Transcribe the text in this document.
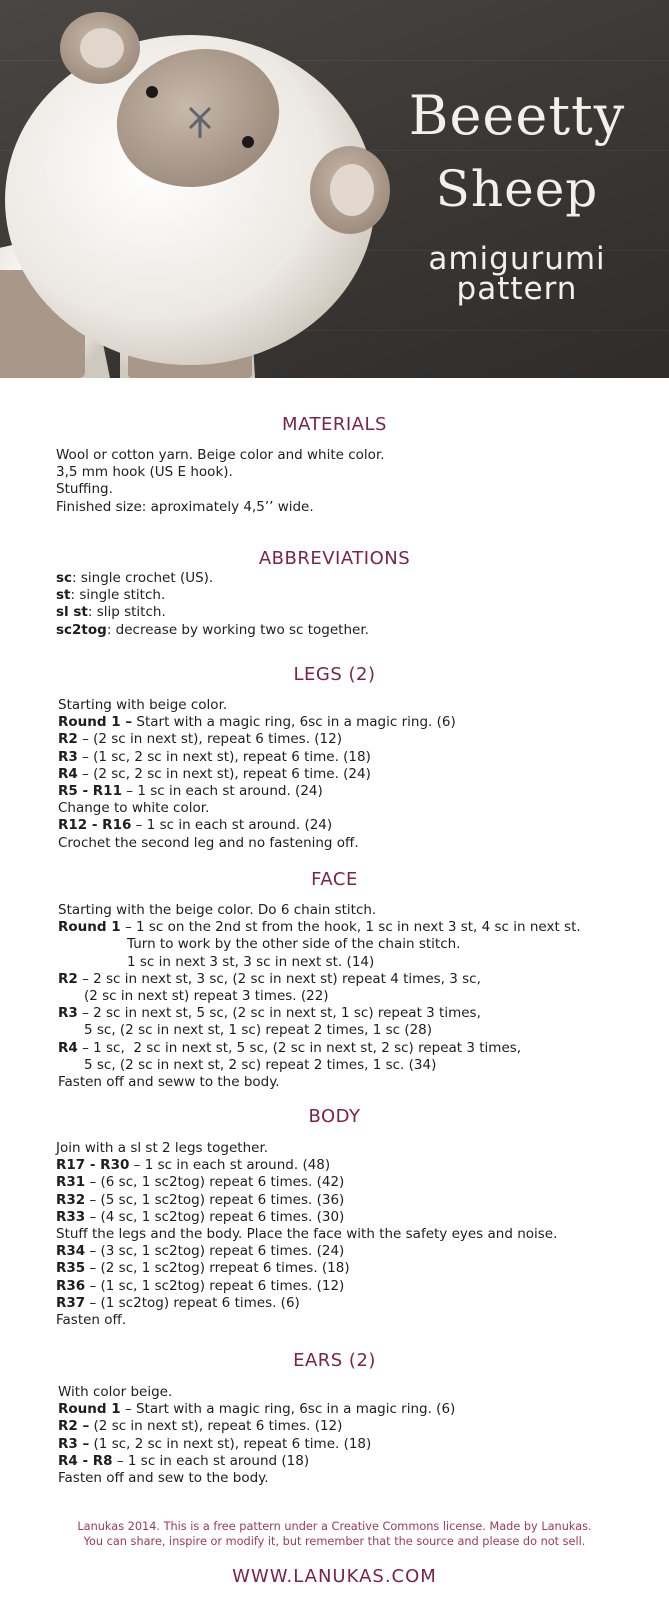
Beeetty
Sheep
amigurumi
pattern
MATERIALS
Wool or cotton yarn. Beige color and white color.
3,5 mm hook (US E hook).
Stuffing.
Finished size: aproximately 4,5’’ wide.
ABBREVIATIONS
sc: single crochet (US).
st: single stitch.
sl st: slip stitch.
sc2tog: decrease by working two sc together.
LEGS (2)
Starting with beige color.
Round 1 – Start with a magic ring, 6sc in a magic ring. (6)
R2 – (2 sc in next st), repeat 6 times. (12)
R3 – (1 sc, 2 sc in next st), repeat 6 time. (18)
R4 – (2 sc, 2 sc in next st), repeat 6 time. (24)
R5 - R11 – 1 sc in each st around. (24)
Change to white color.
R12 - R16 – 1 sc in each st around. (24)
Crochet the second leg and no fastening off.
FACE
Starting with the beige color. Do 6 chain stitch.
Round 1 – 1 sc on the 2nd st from the hook, 1 sc in next 3 st, 4 sc in next st.
Turn to work by the other side of the chain stitch.
1 sc in next 3 st, 3 sc in next st. (14)
R2 – 2 sc in next st, 3 sc, (2 sc in next st) repeat 4 times, 3 sc,
(2 sc in next st) repeat 3 times. (22)
R3 – 2 sc in next st, 5 sc, (2 sc in next st, 1 sc) repeat 3 times,
5 sc, (2 sc in next st, 1 sc) repeat 2 times, 1 sc (28)
R4 – 1 sc,  2 sc in next st, 5 sc, (2 sc in next st, 2 sc) repeat 3 times,
5 sc, (2 sc in next st, 2 sc) repeat 2 times, 1 sc. (34)
Fasten off and seww to the body.
BODY
Join with a sl st 2 legs together.
R17 - R30 – 1 sc in each st around. (48)
R31 – (6 sc, 1 sc2tog) repeat 6 times. (42)
R32 – (5 sc, 1 sc2tog) repeat 6 times. (36)
R33 – (4 sc, 1 sc2tog) repeat 6 times. (30)
Stuff the legs and the body. Place the face with the safety eyes and noise.
R34 – (3 sc, 1 sc2tog) repeat 6 times. (24)
R35 – (2 sc, 1 sc2tog) rrepeat 6 times. (18)
R36 – (1 sc, 1 sc2tog) repeat 6 times. (12)
R37 – (1 sc2tog) repeat 6 times. (6)
Fasten off.
EARS (2)
With color beige.
Round 1 – Start with a magic ring, 6sc in a magic ring. (6)
R2 – (2 sc in next st), repeat 6 times. (12)
R3 – (1 sc, 2 sc in next st), repeat 6 time. (18)
R4 - R8 – 1 sc in each st around (18)
Fasten off and sew to the body.
Lanukas 2014. This is a free pattern under a Creative Commons license. Made by Lanukas.
You can share, inspire or modify it, but remember that the source and please do not sell.
WWW.LANUKAS.COM
